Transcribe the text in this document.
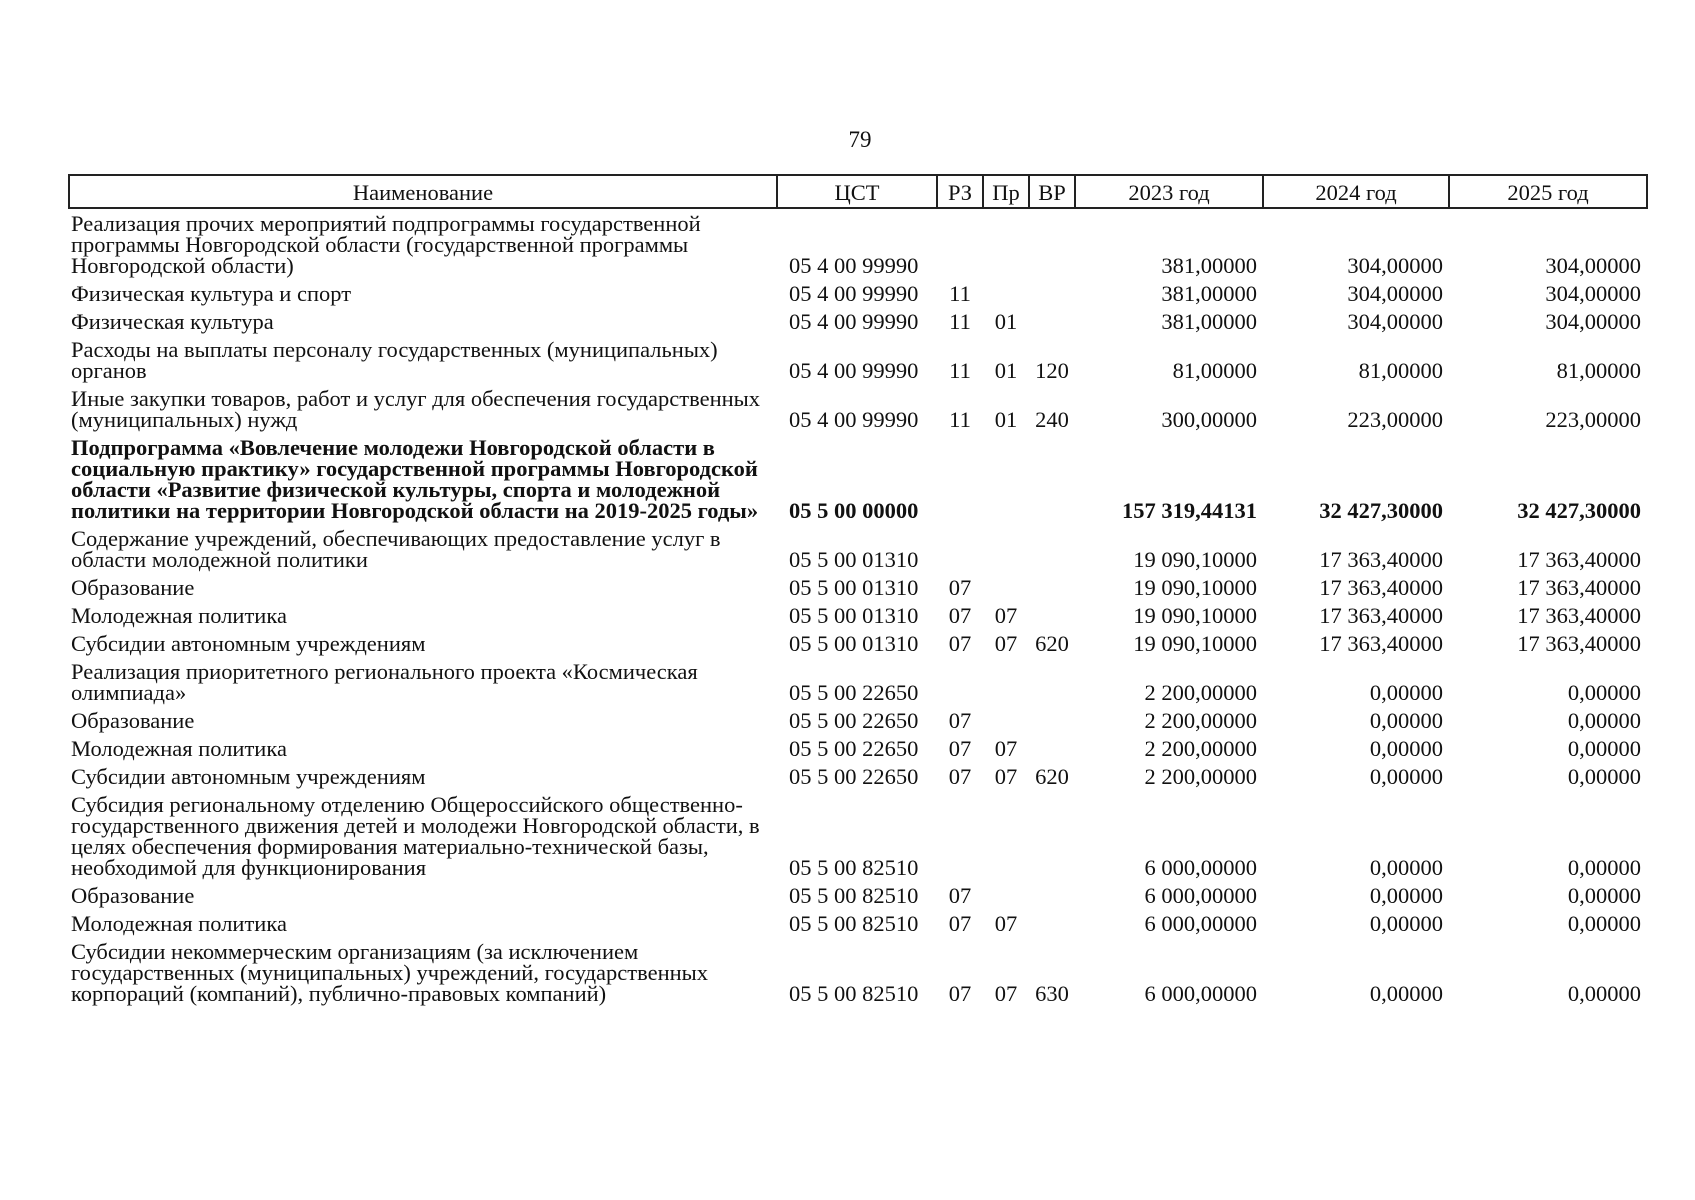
79
Наименование	ЦСТ	РЗ	Пр	ВР	2023 год	2024 год	2025 год
Реализация прочих мероприятий подпрограммы государственной программы Новгородской области (государственной программы Новгородской области)	05 4 00 99990				381,00000	304,00000	304,00000
Физическая культура и спорт	05 4 00 99990	11			381,00000	304,00000	304,00000
Физическая культура	05 4 00 99990	11	01		381,00000	304,00000	304,00000
Расходы на выплаты персоналу государственных (муниципальных) органов	05 4 00 99990	11	01	120	81,00000	81,00000	81,00000
Иные закупки товаров, работ и услуг для обеспечения государственных (муниципальных) нужд	05 4 00 99990	11	01	240	300,00000	223,00000	223,00000
Подпрограмма «Вовлечение молодежи Новгородской области в социальную практику» государственной программы Новгородской области «Развитие физической культуры, спорта и молодежной политики на территории Новгородской области на 2019-2025 годы»	05 5 00 00000				157 319,44131	32 427,30000	32 427,30000
Содержание учреждений, обеспечивающих предоставление услуг в области молодежной политики	05 5 00 01310				19 090,10000	17 363,40000	17 363,40000
Образование	05 5 00 01310	07			19 090,10000	17 363,40000	17 363,40000
Молодежная политика	05 5 00 01310	07	07		19 090,10000	17 363,40000	17 363,40000
Субсидии автономным учреждениям	05 5 00 01310	07	07	620	19 090,10000	17 363,40000	17 363,40000
Реализация приоритетного регионального проекта «Космическая олимпиада»	05 5 00 22650				2 200,00000	0,00000	0,00000
Образование	05 5 00 22650	07			2 200,00000	0,00000	0,00000
Молодежная политика	05 5 00 22650	07	07		2 200,00000	0,00000	0,00000
Субсидии автономным учреждениям	05 5 00 22650	07	07	620	2 200,00000	0,00000	0,00000
Субсидия региональному отделению Общероссийского общественно-государственного движения детей и молодежи Новгородской области, в целях обеспечения формирования материально-технической базы, необходимой для функционирования	05 5 00 82510				6 000,00000	0,00000	0,00000
Образование	05 5 00 82510	07			6 000,00000	0,00000	0,00000
Молодежная политика	05 5 00 82510	07	07		6 000,00000	0,00000	0,00000
Субсидии некоммерческим организациям (за исключением государственных (муниципальных) учреждений, государственных корпораций (компаний), публично-правовых компаний)	05 5 00 82510	07	07	630	6 000,00000	0,00000	0,00000
